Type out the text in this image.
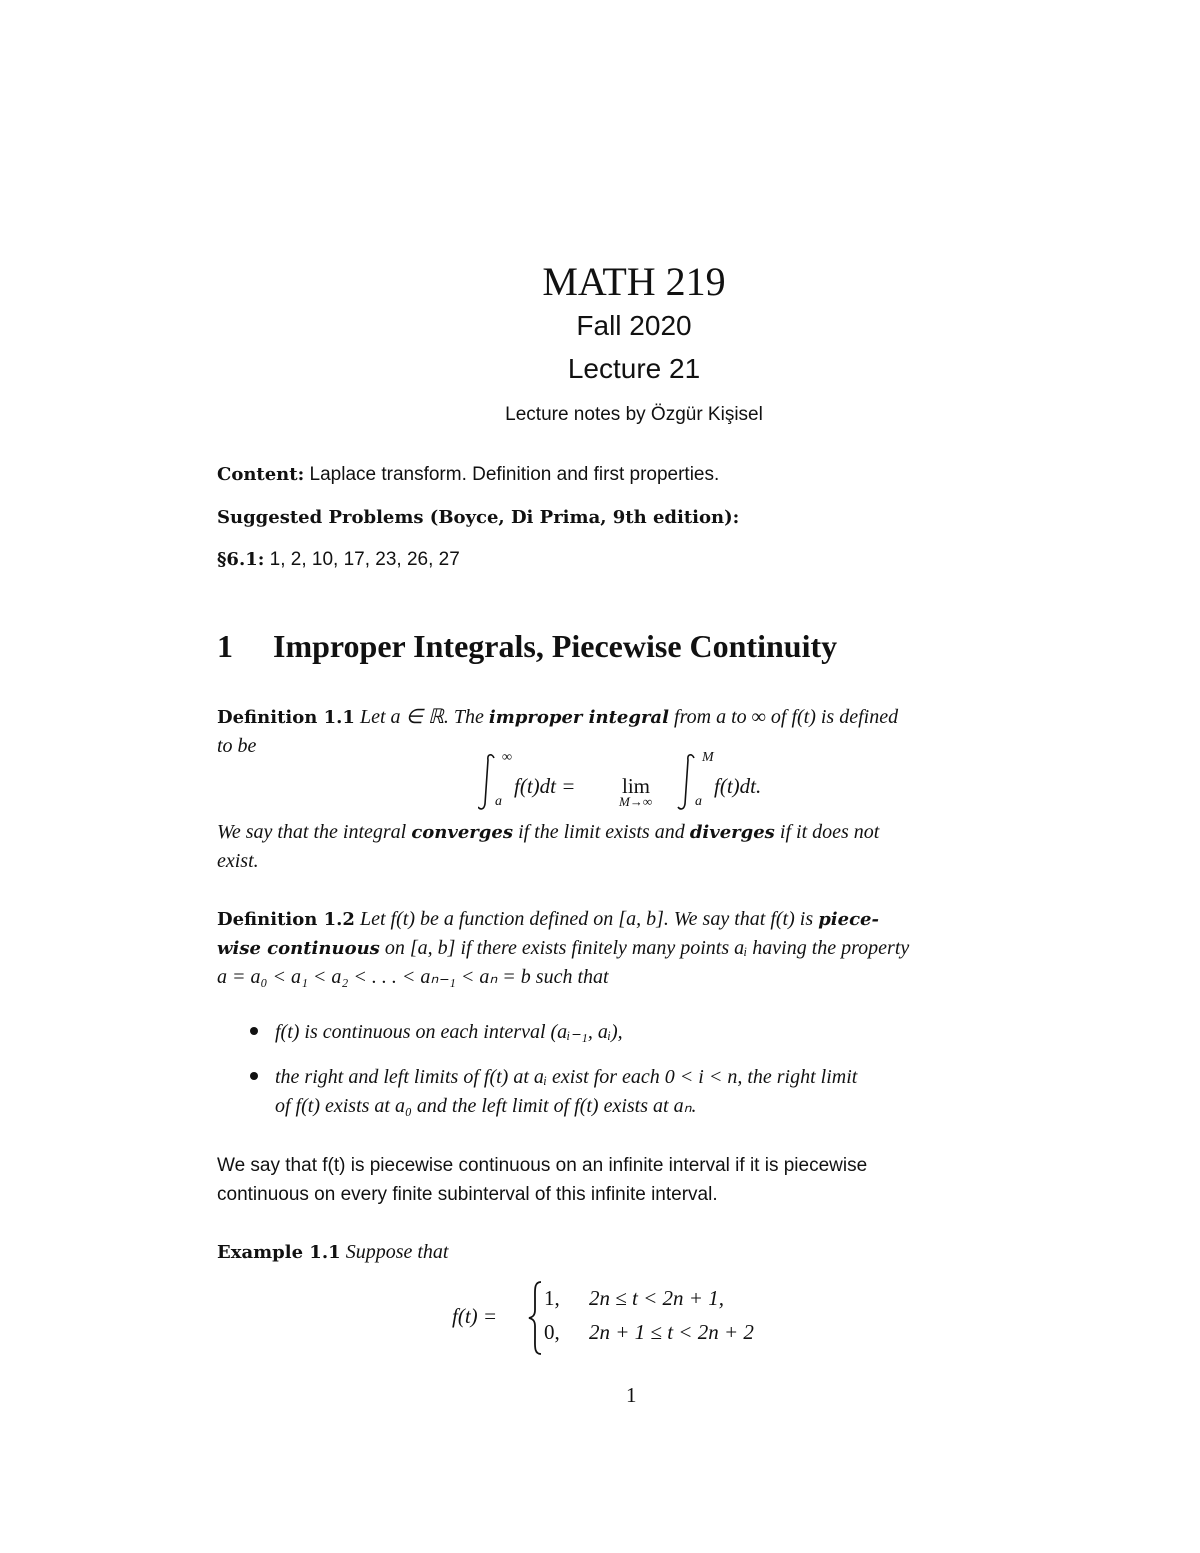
MATH 219
Fall 2020
Lecture 21
Lecture notes by Özgür Kişisel
Content: Laplace transform. Definition and first properties.
Suggested Problems (Boyce, Di Prima, 9th edition):
§6.1: 1, 2, 10, 17, 23, 26, 27
1 Improper Integrals, Piecewise Continuity
Definition 1.1 Let a ∈ ℝ. The improper integral from a to ∞ of f(t) is defined
to be
∞
a
f(t)dt = lim
M→∞
M
a
f(t)dt.
We say that the integral converges if the limit exists and diverges if it does not
exist.
Definition 1.2 Let f(t) be a function defined on [a, b]. We say that f(t) is piece-
wise continuous on [a, b] if there exists finitely many points aᵢ having the property
a = a₀ < a₁ < a₂ < . . . < aₙ₋₁ < aₙ = b such that
f(t) is continuous on each interval (aᵢ₋₁, aᵢ),
the right and left limits of f(t) at aᵢ exist for each 0 < i < n, the right limit
of f(t) exists at a₀ and the left limit of f(t) exists at aₙ.
We say that f(t) is piecewise continuous on an infinite interval if it is piecewise
continuous on every finite subinterval of this infinite interval.
Example 1.1 Suppose that
f(t) =
1, 2n ≤ t < 2n + 1,
0, 2n + 1 ≤ t < 2n + 2
1
